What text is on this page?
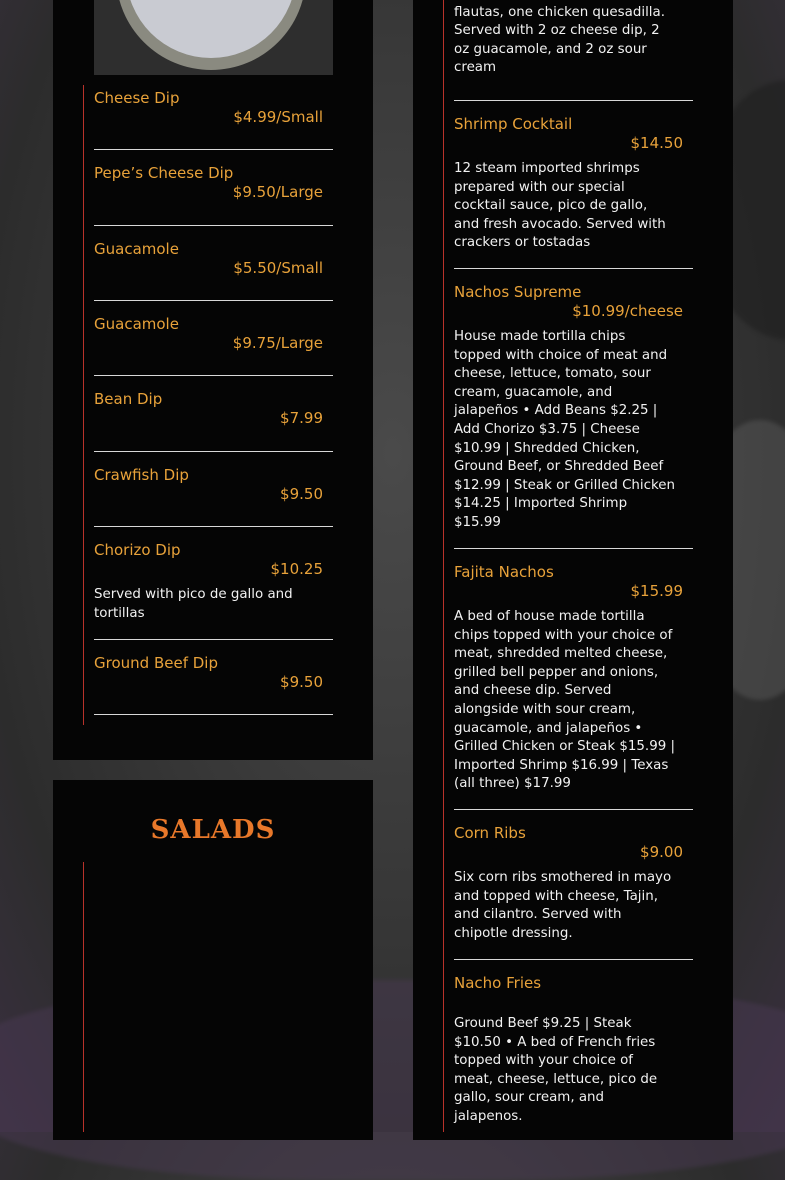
Cheese Dip
$4.99/Small
Pepe’s Cheese Dip
$9.50/Large
Guacamole
$5.50/Small
Guacamole
$9.75/Large
Bean Dip
$7.99
Crawfish Dip
$9.50
Chorizo Dip
$10.25
Served with pico de gallo and tortillas
Ground Beef Dip
$9.50
SALADS
flautas, one chicken quesadilla. Served with 2 oz cheese dip, 2 oz guacamole, and 2 oz sour cream
Shrimp Cocktail
$14.50
12 steam imported shrimps prepared with our special cocktail sauce, pico de gallo, and fresh avocado. Served with crackers or tostadas
Nachos Supreme
$10.99/cheese
House made tortilla chips topped with choice of meat and cheese, lettuce, tomato, sour cream, guacamole, and jalapeños • Add Beans $2.25 | Add Chorizo $3.75 | Cheese $10.99 | Shredded Chicken, Ground Beef, or Shredded Beef $12.99 | Steak or Grilled Chicken $14.25 | Imported Shrimp $15.99
Fajita Nachos
$15.99
A bed of house made tortilla chips topped with your choice of meat, shredded melted cheese, grilled bell pepper and onions, and cheese dip. Served alongside with sour cream, guacamole, and jalapeños • Grilled Chicken or Steak $15.99 | Imported Shrimp $16.99 | Texas (all three) $17.99
Corn Ribs
$9.00
Six corn ribs smothered in mayo and topped with cheese, Tajin, and cilantro. Served with chipotle dressing.
Nacho Fries
Ground Beef $9.25 | Steak $10.50 • A bed of French fries topped with your choice of meat, cheese, lettuce, pico de gallo, sour cream, and jalapenos.
